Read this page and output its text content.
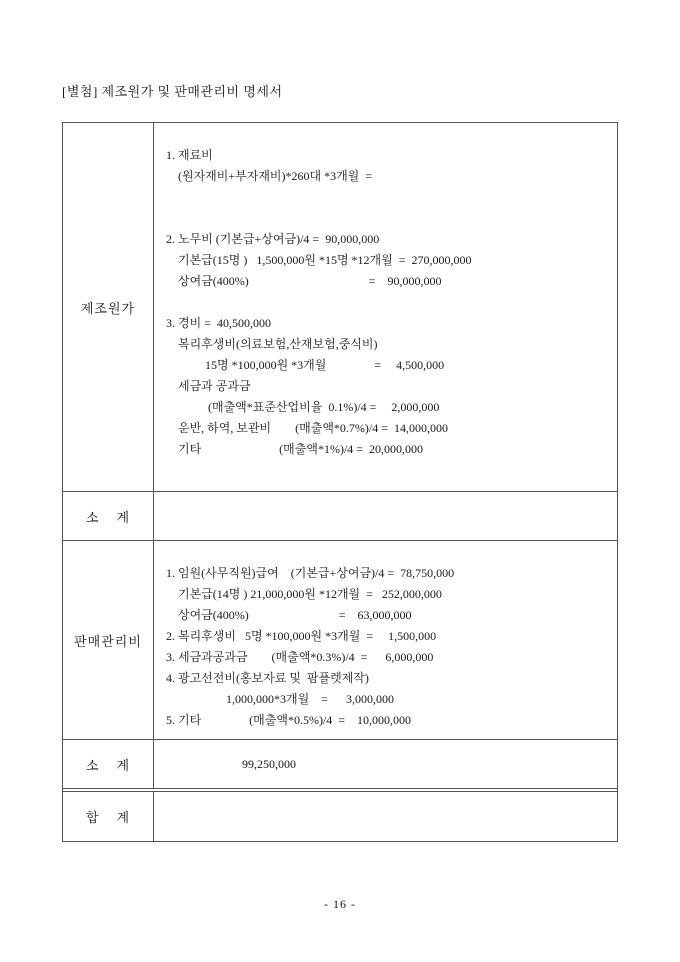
[별첨] 제조원가 및 판매관리비 명세서
제조원가
1. 재료비
(원자재비+부자재비)*260대 *3개월  =
2. 노무비 (기본급+상여금)/4 =  90,000,000
기본급(15명 )   1,500,000원 *15명 *12개월  =  270,000,000
상여금(400%)                                        =    90,000,000
3. 경비 =  40,500,000
복리후생비(의료보험,산재보험,중식비)
15명 *100,000원 *3개월                =     4,500,000
세금과 공과금
(매출액*표준산업비율  0.1%)/4 =     2,000,000
운반, 하역, 보관비        (매출액*0.7%)/4 =  14,000,000
기타                          (매출액*1%)/4 =  20,000,000
소    계
판매관리비
1. 임원(사무직원)급여    (기본급+상여금)/4 =  78,750,000
기본급(14명 ) 21,000,000원 *12개월  =   252,000,000
상여금(400%)                              =    63,000,000
2. 복리후생비   5명 *100,000원 *3개월  =     1,500,000
3. 세금과공과금        (매출액*0.3%)/4  =      6,000,000
4. 광고선전비(홍보자료 및  팜플렛제작)
1,000,000*3개월    =      3,000,000
5. 기타                (매출액*0.5%)/4  =    10,000,000
소    계	99,250,000
합    계
- 16 -
